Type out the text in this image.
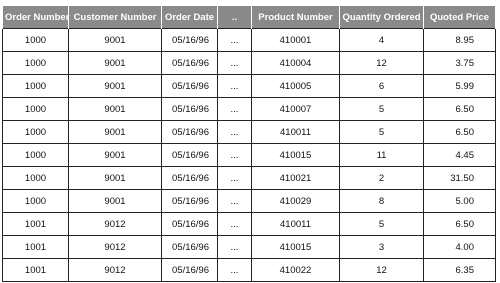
Order Number	Customer Number	Order Date	..	Product Number	Quantity Ordered	Quoted Price
1000	9001	05/16/96	...	410001	4	8.95
1000	9001	05/16/96	...	410004	12	3.75
1000	9001	05/16/96	...	410005	6	5.99
1000	9001	05/16/96	...	410007	5	6.50
1000	9001	05/16/96	...	410011	5	6.50
1000	9001	05/16/96	...	410015	11	4.45
1000	9001	05/16/96	...	410021	2	31.50
1000	9001	05/16/96	...	410029	8	5.00
1001	9012	05/16/96	...	410011	5	6.50
1001	9012	05/16/96	...	410015	3	4.00
1001	9012	05/16/96	...	410022	12	6.35
